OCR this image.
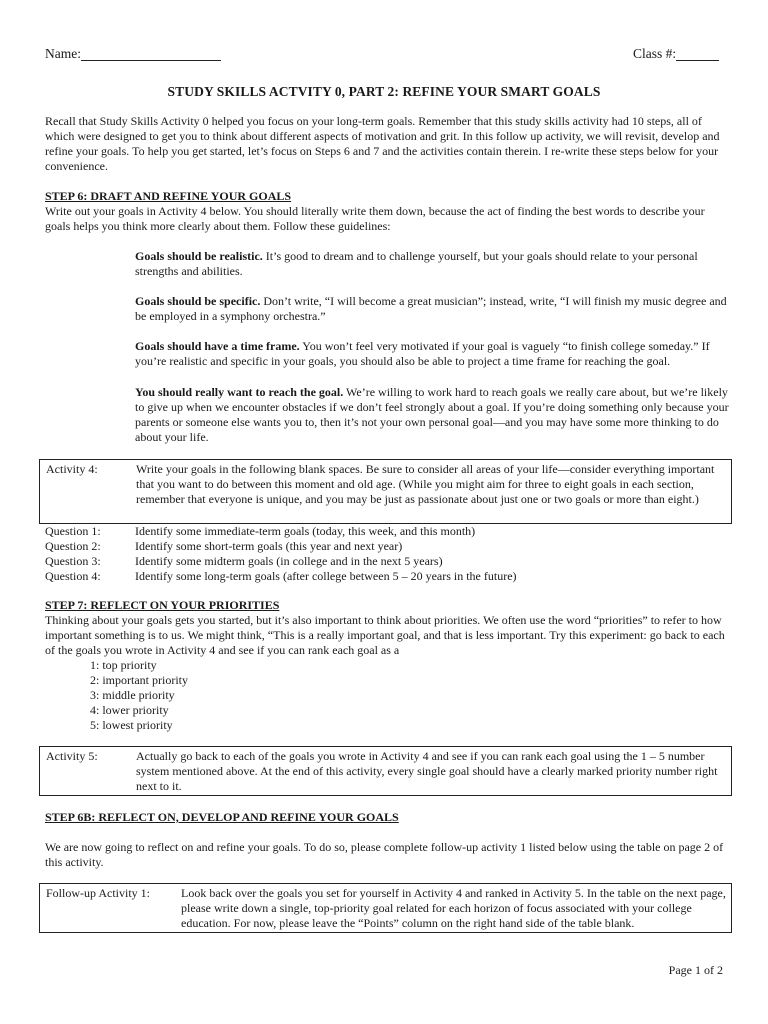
Name:	Class #:
STUDY SKILLS ACTVITY 0, PART 2: REFINE YOUR SMART GOALS
Recall that Study Skills Activity 0 helped you focus on your long-term goals. Remember that this study skills activity had 10 steps, all of which were designed to get you to think about different aspects of motivation and grit. In this follow up activity, we will revisit, develop and refine your goals. To help you get started, let’s focus on Steps 6 and 7 and the activities contain therein. I re-write these steps below for your convenience.
STEP 6: DRAFT AND REFINE YOUR GOALS
Write out your goals in Activity 4 below. You should literally write them down, because the act of finding the best words to describe your goals helps you think more clearly about them. Follow these guidelines:
Goals should be realistic. It’s good to dream and to challenge yourself, but your goals should relate to your personal strengths and abilities.
Goals should be specific. Don’t write, “I will become a great musician”; instead, write, “I will finish my music degree and be employed in a symphony orchestra.”
Goals should have a time frame. You won’t feel very motivated if your goal is vaguely “to finish college someday.” If you’re realistic and specific in your goals, you should also be able to project a time frame for reaching the goal.
You should really want to reach the goal. We’re willing to work hard to reach goals we really care about, but we’re likely to give up when we encounter obstacles if we don’t feel strongly about a goal. If you’re doing something only because your parents or someone else wants you to, then it’s not your own personal goal—and you may have some more thinking to do about your life.
Activity 4:	Write your goals in the following blank spaces. Be sure to consider all areas of your life—consider everything important that you want to do between this moment and old age. (While you might aim for three to eight goals in each section, remember that everyone is unique, and you may be just as passionate about just one or two goals or more than eight.)
Question 1:	Identify some immediate-term goals (today, this week, and this month)
Question 2:	Identify some short-term goals (this year and next year)
Question 3:	Identify some midterm goals (in college and in the next 5 years)
Question 4:	Identify some long-term goals (after college between 5 – 20 years in the future)
STEP 7: REFLECT ON YOUR PRIORITIES
Thinking about your goals gets you started, but it’s also important to think about priorities. We often use the word “priorities” to refer to how important something is to us. We might think, “This is a really important goal, and that is less important. Try this experiment: go back to each of the goals you wrote in Activity 4 and see if you can rank each goal as a
1: top priority
2: important priority
3: middle priority
4: lower priority
5: lowest priority
Activity 5:	Actually go back to each of the goals you wrote in Activity 4 and see if you can rank each goal using the 1 – 5 number system mentioned above. At the end of this activity, every single goal should have a clearly marked priority number right next to it.
STEP 6B: REFLECT ON, DEVELOP AND REFINE YOUR GOALS
We are now going to reflect on and refine your goals. To do so, please complete follow-up activity 1 listed below using the table on page 2 of this activity.
Follow-up Activity 1:	Look back over the goals you set for yourself in Activity 4 and ranked in Activity 5. In the table on the next page, please write down a single, top-priority goal related for each horizon of focus associated with your college education. For now, please leave the “Points” column on the right hand side of the table blank.
Page 1 of 2
